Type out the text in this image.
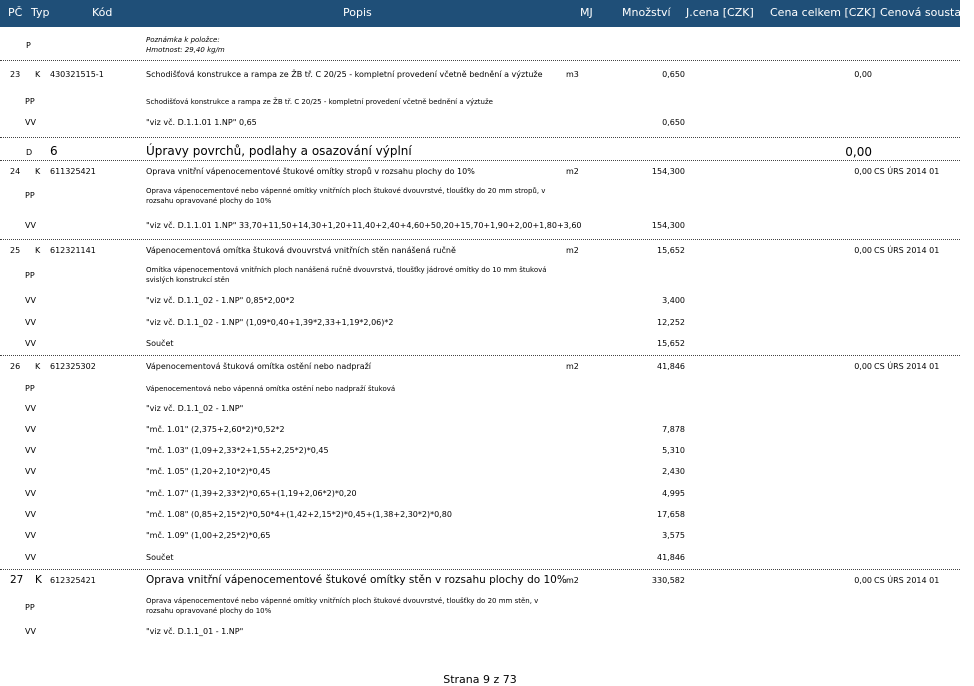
PČ Typ	Kód	Popis	MJ	Množství J.cena [CZK] Cena celkem [CZK] Cenová soustava
P
Poznámka k položce:
Hmotnost: 29,40 kg/m
23 K 430321515-1	Schodišťová konstrukce a rampa ze ŽB tř. C 20/25 - kompletní provedení včetně bednění a výztuže	m3	0,650	0,00
PP	Schodišťová konstrukce a rampa ze ŽB tř. C 20/25 - kompletní provedení včetně bednění a výztuže
VV	"viz vč. D.1.1.01 1.NP" 0,65	0,650
D 6	Úpravy povrchů, podlahy a osazování výplní	0,00
24 K 611325421	Oprava vnitřní vápenocementové štukové omítky stropů v rozsahu plochy do 10%	m2	154,300	0,00 CS ÚRS 2014 01
PP	Oprava vápenocementové nebo vápenné omítky vnitřních ploch štukové dvouvrstvé, tloušťky do 20 mm stropů, v rozsahu opravované plochy do 10%
VV	"viz vč. D.1.1.01 1.NP" 33,70+11,50+14,30+1,20+11,40+2,40+4,60+50,20+15,70+1,90+2,00+1,80+3,60	154,300
25 K 612321141	Vápenocementová omítka štuková dvouvrstvá vnitřních stěn nanášená ručně	m2	15,652	0,00 CS ÚRS 2014 01
PP
Omítka vápenocementová vnitřních ploch nanášená ručně dvouvrstvá, tloušťky jádrové omítky do 10 mm štuková svislých konstrukcí stěn
VV	"viz vč. D.1.1_02 - 1.NP" 0,85*2,00*2	3,400
VV	"viz vč. D.1.1_02 - 1.NP" (1,09*0,40+1,39*2,33+1,19*2,06)*2	12,252
VV	Součet	15,652
26 K 612325302	Vápenocementová štuková omítka ostění nebo nadpraží	m2	41,846	0,00 CS ÚRS 2014 01
PP	Vápenocementová nebo vápenná omítka ostění nebo nadpraží štuková
VV	"viz vč. D.1.1_02 - 1.NP"
VV	"mč. 1.01" (2,375+2,60*2)*0,52*2	7,878
VV	"mč. 1.03" (1,09+2,33*2+1,55+2,25*2)*0,45	5,310
VV	"mč. 1.05" (1,20+2,10*2)*0,45	2,430
VV	"mč. 1.07" (1,39+2,33*2)*0,65+(1,19+2,06*2)*0,20	4,995
VV	"mč. 1.08" (0,85+2,15*2)*0,50*4+(1,42+2,15*2)*0,45+(1,38+2,30*2)*0,80	17,658
VV	"mč. 1.09" (1,00+2,25*2)*0,65	3,575
VV	Součet	41,846
27 K 612325421	Oprava vnitřní vápenocementové štukové omítky stěn v rozsahu plochy do 10% m2	330,582	0,00 CS ÚRS 2014 01
PP
Oprava vápenocementové nebo vápenné omítky vnitřních ploch štukové dvouvrstvé, tloušťky do 20 mm stěn, v rozsahu opravované plochy do 10%
VV	"viz vč. D.1.1_01 - 1.NP"
Strana 9 z 73
